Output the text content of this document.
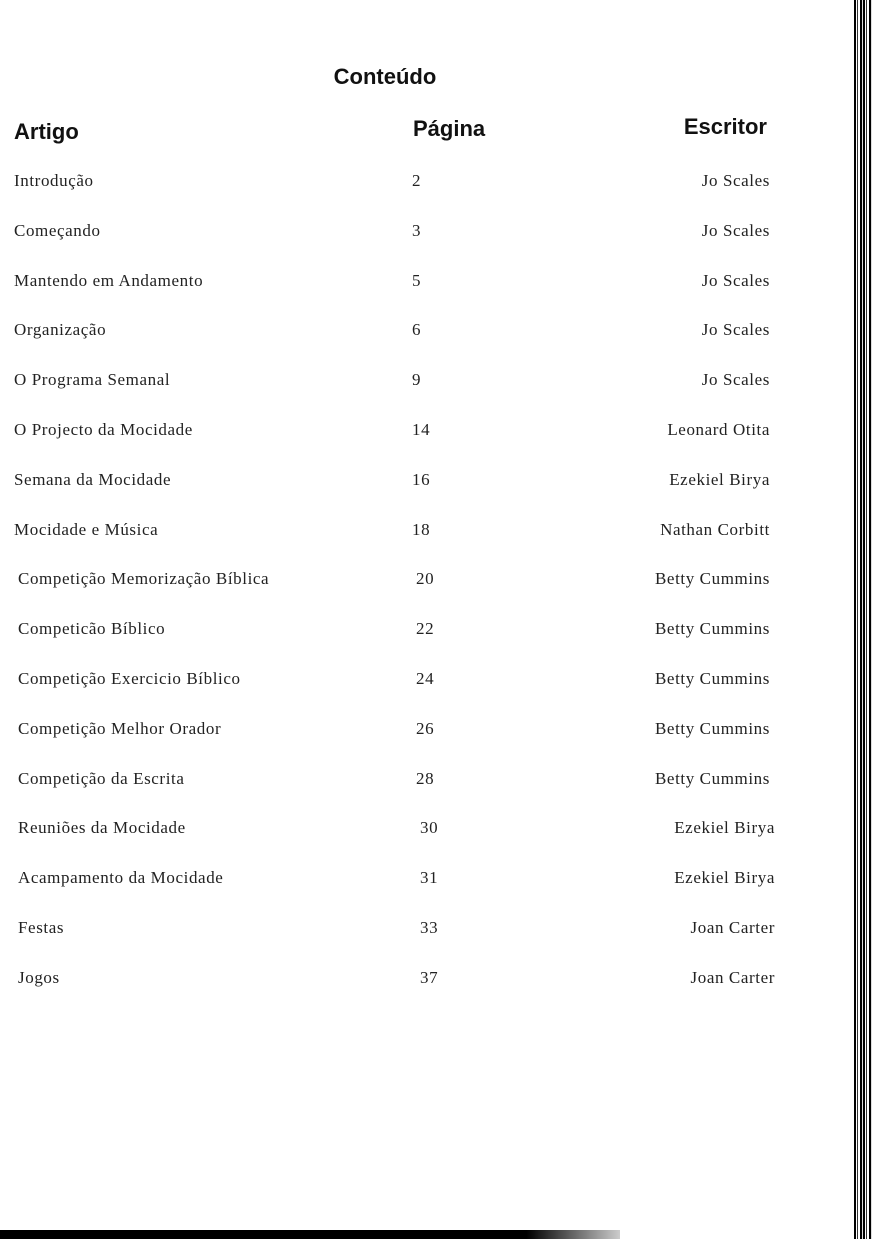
Conteúdo
Artigo	Página	Escritor
Introdução	2	Jo Scales
Começando	3	Jo Scales
Mantendo em Andamento	5	Jo Scales
Organização	6	Jo Scales
O Programa Semanal	9	Jo Scales
O Projecto da Mocidade	14	Leonard Otita
Semana da Mocidade	16	Ezekiel Birya
Mocidade e Música	18	Nathan Corbitt
Competição Memorização Bíblica	20	Betty Cummins
Competicão Bíblico	22	Betty Cummins
Competição Exercicio Bíblico	24	Betty Cummins
Competição Melhor Orador	26	Betty Cummins
Competição da Escrita	28	Betty Cummins
Reuniões da Mocidade	30	Ezekiel Birya
Acampamento da Mocidade	31	Ezekiel Birya
Festas	33	Joan Carter
Jogos	37	Joan Carter
